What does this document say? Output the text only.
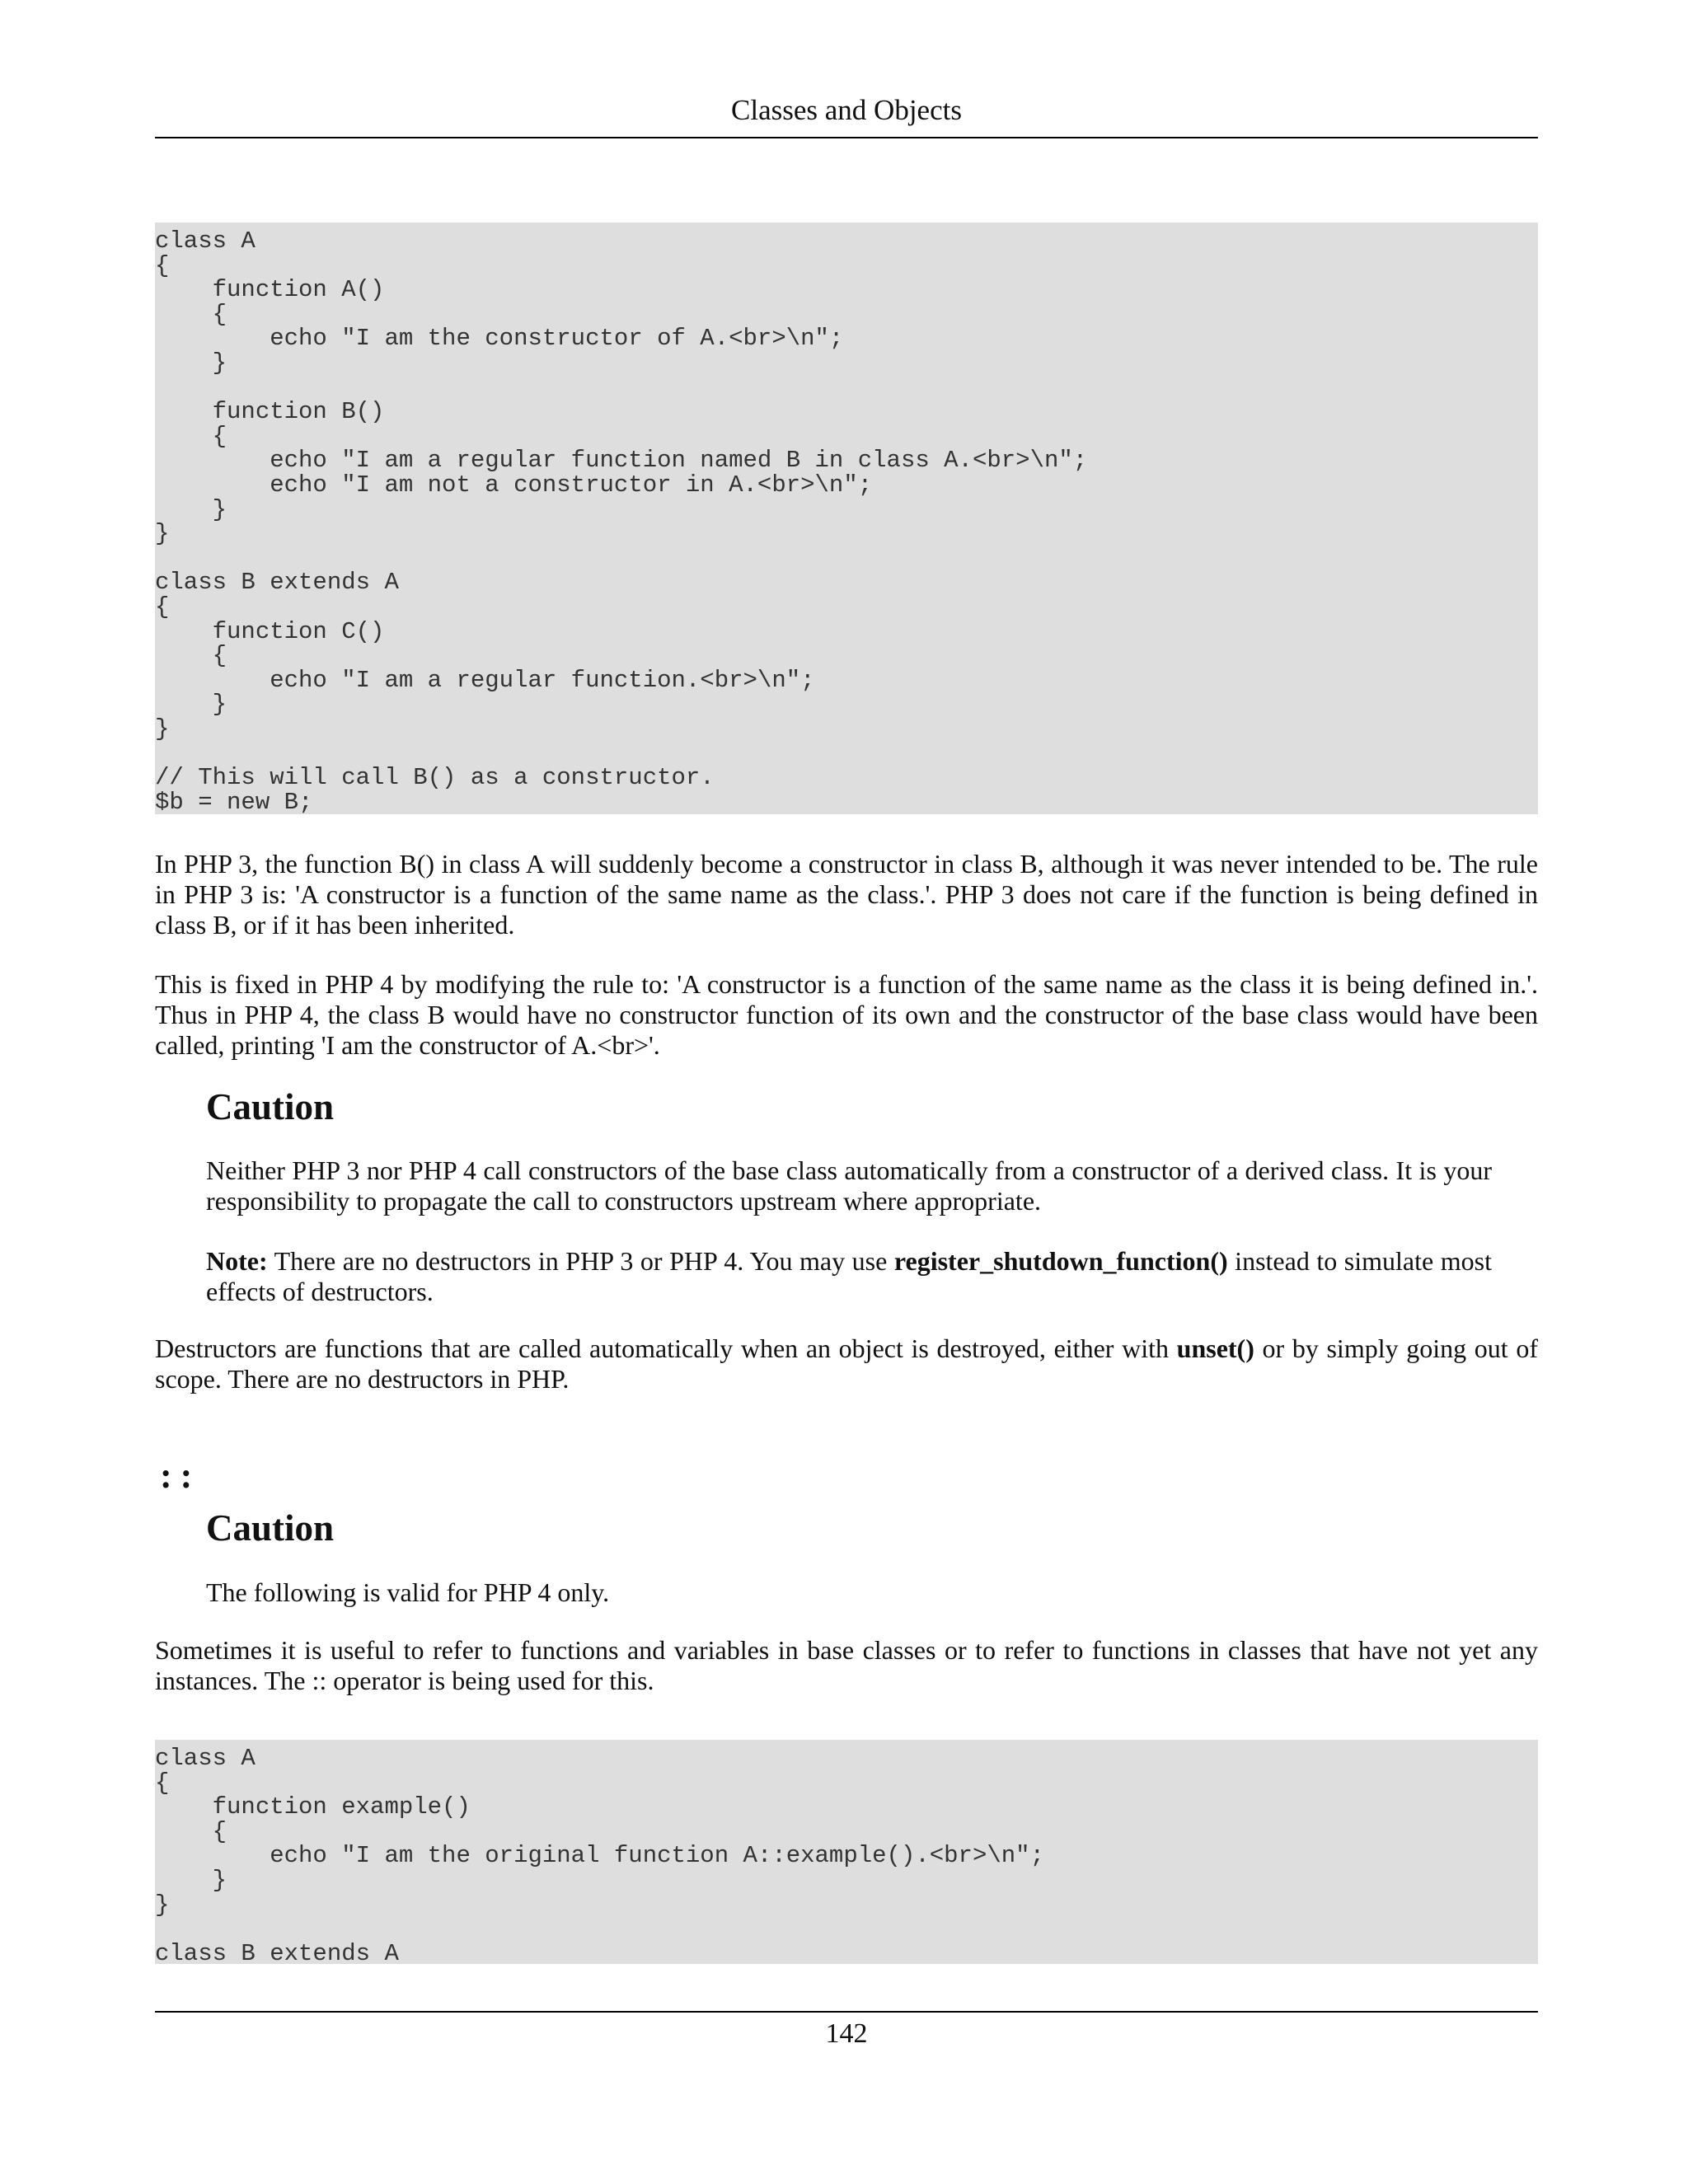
Classes and Objects
class A
{
function A()
{
echo "I am the constructor of A.<br>\n";
}

function B()
{
echo "I am a regular function named B in class A.<br>\n";
echo "I am not a constructor in A.<br>\n";
}
}

class B extends A
{
function C()
{
echo "I am a regular function.<br>\n";
}
}

// This will call B() as a constructor.
$b = new B;

In PHP 3, the function B() in class A will suddenly become a constructor in class B, although it was never intended to be. The rule in PHP 3 is: 'A constructor is a function of the same name as the class.'. PHP 3 does not care if the function is being defined in class B, or if it has been inherited.

This is fixed in PHP 4 by modifying the rule to: 'A constructor is a function of the same name as the class it is being defined in.'. Thus in PHP 4, the class B would have no constructor function of its own and the constructor of the base class would have been called, printing 'I am the constructor of A.<br>'.

Caution

Neither PHP 3 nor PHP 4 call constructors of the base class automatically from a constructor of a derived class. It is your responsibility to propagate the call to constructors upstream where appropriate.

Note: There are no destructors in PHP 3 or PHP 4. You may use register_shutdown_function() instead to simulate most effects of destructors.

Destructors are functions that are called automatically when an object is destroyed, either with unset() or by simply going out of scope. There are no destructors in PHP.

::
Caution

The following is valid for PHP 4 only.

Sometimes it is useful to refer to functions and variables in base classes or to refer to functions in classes that have not yet any instances. The :: operator is being used for this.

class A
{
function example()
{
echo "I am the original function A::example().<br>\n";
}
}

class B extends A
142
